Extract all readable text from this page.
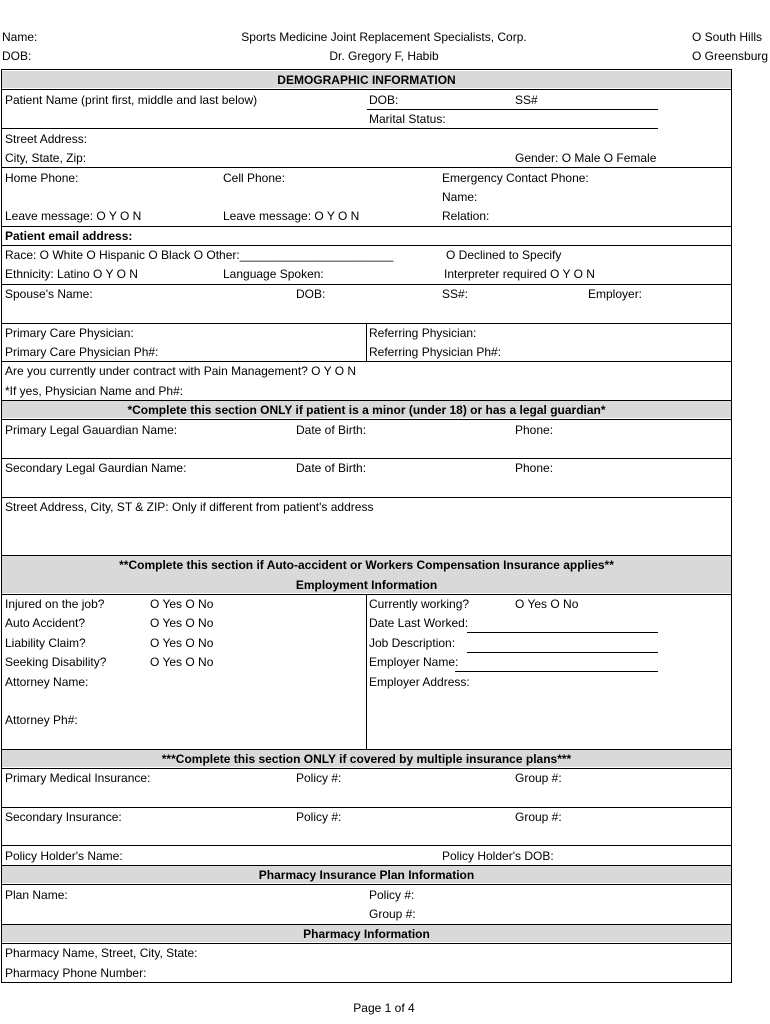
Name:
DOB:
Sports Medicine Joint Replacement Specialists, Corp.
Dr. Gregory F, Habib
O South Hills
O Greensburg
DEMOGRAPHIC INFORMATION
Patient Name (print first, middle and last below)	DOB:	SS#
Marital Status:
Street Address:
City, State, Zip:	Gender: O Male O Female
Home Phone:	Cell Phone:	Emergency Contact Phone:
Name:
Leave message: O Y O N	Leave message: O Y O N	Relation:
Patient email address:
Race: O White O Hispanic O Black O Other:_______________________	O Declined to Specify
Ethnicity: Latino O Y O N	Language Spoken:	Interpreter required O Y O N
Spouse's Name:	DOB:	SS#:	Employer:
Primary Care Physician:
Primary Care Physician Ph#:
Referring Physician:
Referring Physician Ph#:
Are you currently under contract with Pain Management? O Y O N
*If yes, Physician Name and Ph#:
*Complete this section ONLY if patient is a minor (under 18) or has a legal guardian*
Primary Legal Gauardian Name:	Date of Birth:	Phone:
Secondary Legal Gaurdian Name:	Date of Birth:	Phone:
Street Address, City, ST & ZIP: Only if different from patient's address
**Complete this section if Auto-accident or Workers Compensation Insurance applies**
Employment Information
Injured on the job?	O Yes O No
Auto Accident?	O Yes O No
Liability Claim?	O Yes O No
Seeking Disability?	O Yes O No
Attorney Name:
Attorney Ph#:
Currently working?	O Yes O No
Date Last Worked:
Job Description:
Employer Name:
Employer Address:
***Complete this section ONLY if covered by multiple insurance plans***
Primary Medical Insurance:	Policy #:	Group #:
Secondary Insurance:	Policy #:	Group #:
Policy Holder's Name:	Policy Holder's DOB:
Pharmacy Insurance Plan Information
Plan Name:	Policy #:
Group #:
Pharmacy Information
Pharmacy Name, Street, City, State:
Pharmacy Phone Number:
Page 1 of 4
